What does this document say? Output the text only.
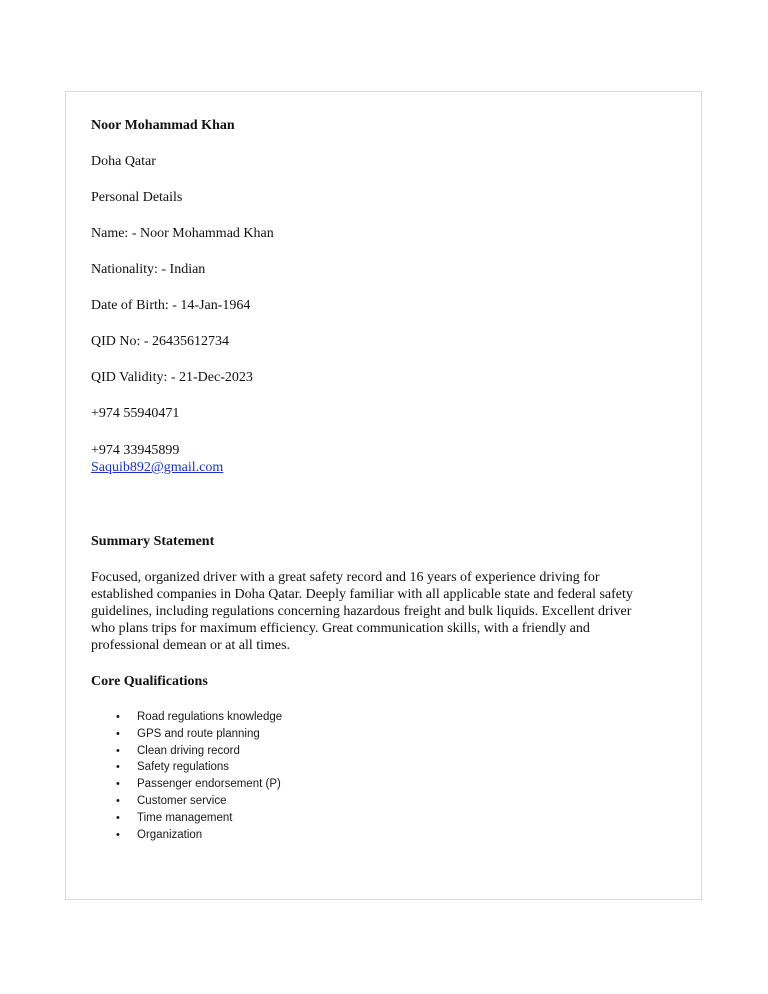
Noor Mohammad Khan

Doha Qatar

Personal Details

Name: - Noor Mohammad Khan

Nationality: - Indian

Date of Birth: - 14-Jan-1964

QID No: - 26435612734

QID Validity: - 21-Dec-2023

+974 55940471

+974 33945899

Saquib892@gmail.com

Summary Statement

Focused, organized driver with a great safety record and 16 years of experience driving for
established companies in Doha Qatar. Deeply familiar with all applicable state and federal safety
guidelines, including regulations concerning hazardous freight and bulk liquids. Excellent driver
who plans trips for maximum efficiency. Great communication skills, with a friendly and
professional demean or at all times.

Core Qualifications

• Road regulations knowledge
• GPS and route planning
• Clean driving record
• Safety regulations
• Passenger endorsement (P)
• Customer service
• Time management
• Organization
